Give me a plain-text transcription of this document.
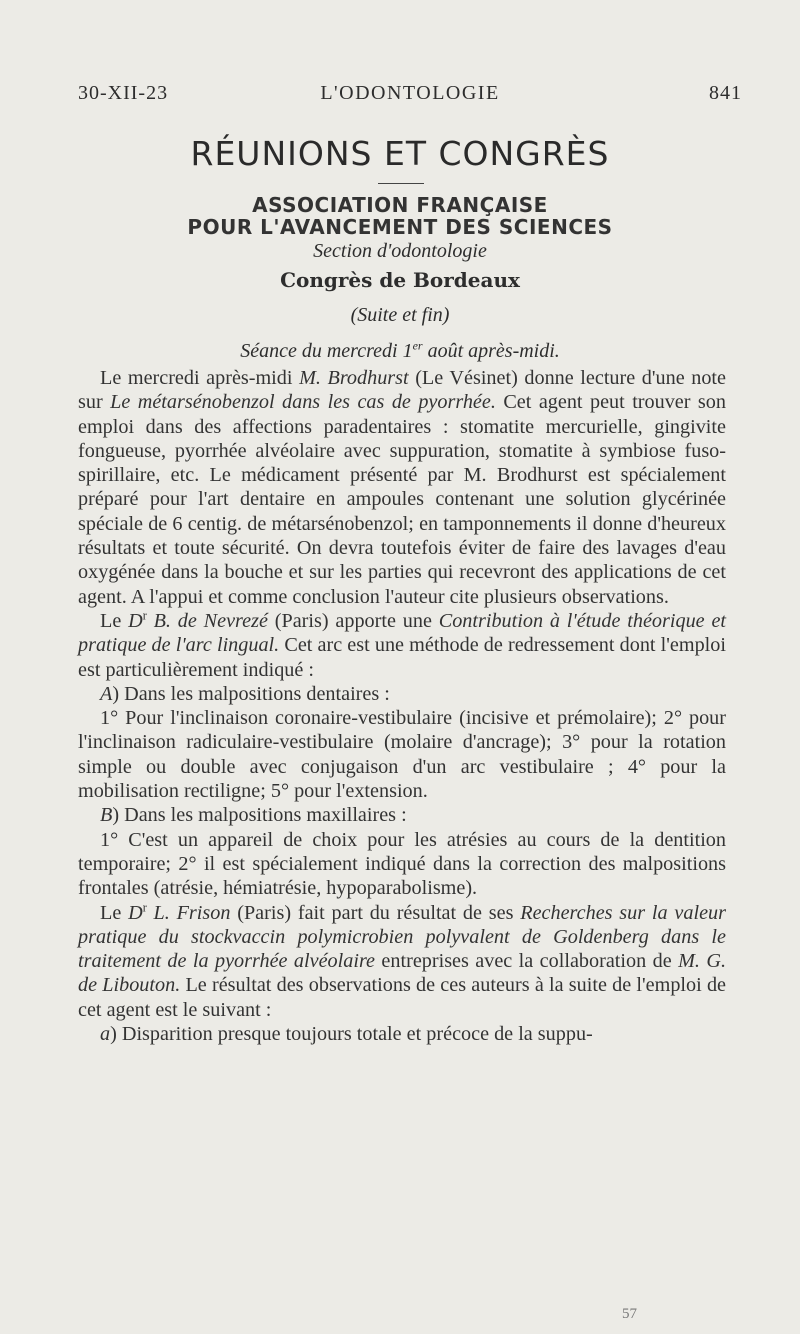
30-XII-23	L'ODONTOLOGIE	841
RÉUNIONS ET CONGRÈS
ASSOCIATION FRANÇAISE
POUR L'AVANCEMENT DES SCIENCES
Section d'odontologie
Congrès de Bordeaux
(Suite et fin)
Séance du mercredi 1er août après-midi.

Le mercredi après-midi M. Brodhurst (Le Vésinet) donne lecture d'une note sur Le métarsénobenzol dans les cas de pyorrhée. Cet agent peut trouver son emploi dans des affections paradentaires : stomatite mercurielle, gingivite fongueuse, pyorrhée alvéolaire avec suppuration, stomatite à symbiose fuso-spirillaire, etc. Le médicament présenté par M. Brodhurst est spécialement préparé pour l'art dentaire en ampoules contenant une solution glycérinée spéciale de 6 centig. de métarsénobenzol; en tamponnements il donne d'heureux résultats et toute sécurité. On devra toutefois éviter de faire des lavages d'eau oxygénée dans la bouche et sur les parties qui recevront des applications de cet agent. A l'appui et comme conclusion l'auteur cite plusieurs observations.

Le $D^r$ B. de Nevrezé (Paris) apporte une Contribution à l'étude théorique et pratique de l'arc lingual. Cet arc est une méthode de redressement dont l'emploi est particulièrement indiqué :

A) Dans les malpositions dentaires :

1° Pour l'inclinaison coronaire-vestibulaire (incisive et prémolaire); 2° pour l'inclinaison radiculaire-vestibulaire (molaire d'ancrage); 3° pour la rotation simple ou double avec conjugaison d'un arc vestibulaire ; 4° pour la mobilisation rectiligne; 5° pour l'extension.

B) Dans les malpositions maxillaires :

1° C'est un appareil de choix pour les atrésies au cours de la dentition temporaire; 2° il est spécialement indiqué dans la correction des malpositions frontales (atrésie, hémiatrésie, hypoparabolisme).

Le $D^r$ L. Frison (Paris) fait part du résultat de ses Recherches sur la valeur pratique du stockvaccin polymicrobien polyvalent de Goldenberg dans le traitement de la pyorrhée alvéolaire entreprises avec la collaboration de M. G. de Libouton. Le résultat des observations de ces auteurs à la suite de l'emploi de cet agent est le suivant :

a) Disparition presque toujours totale et précoce de la suppu-

57
